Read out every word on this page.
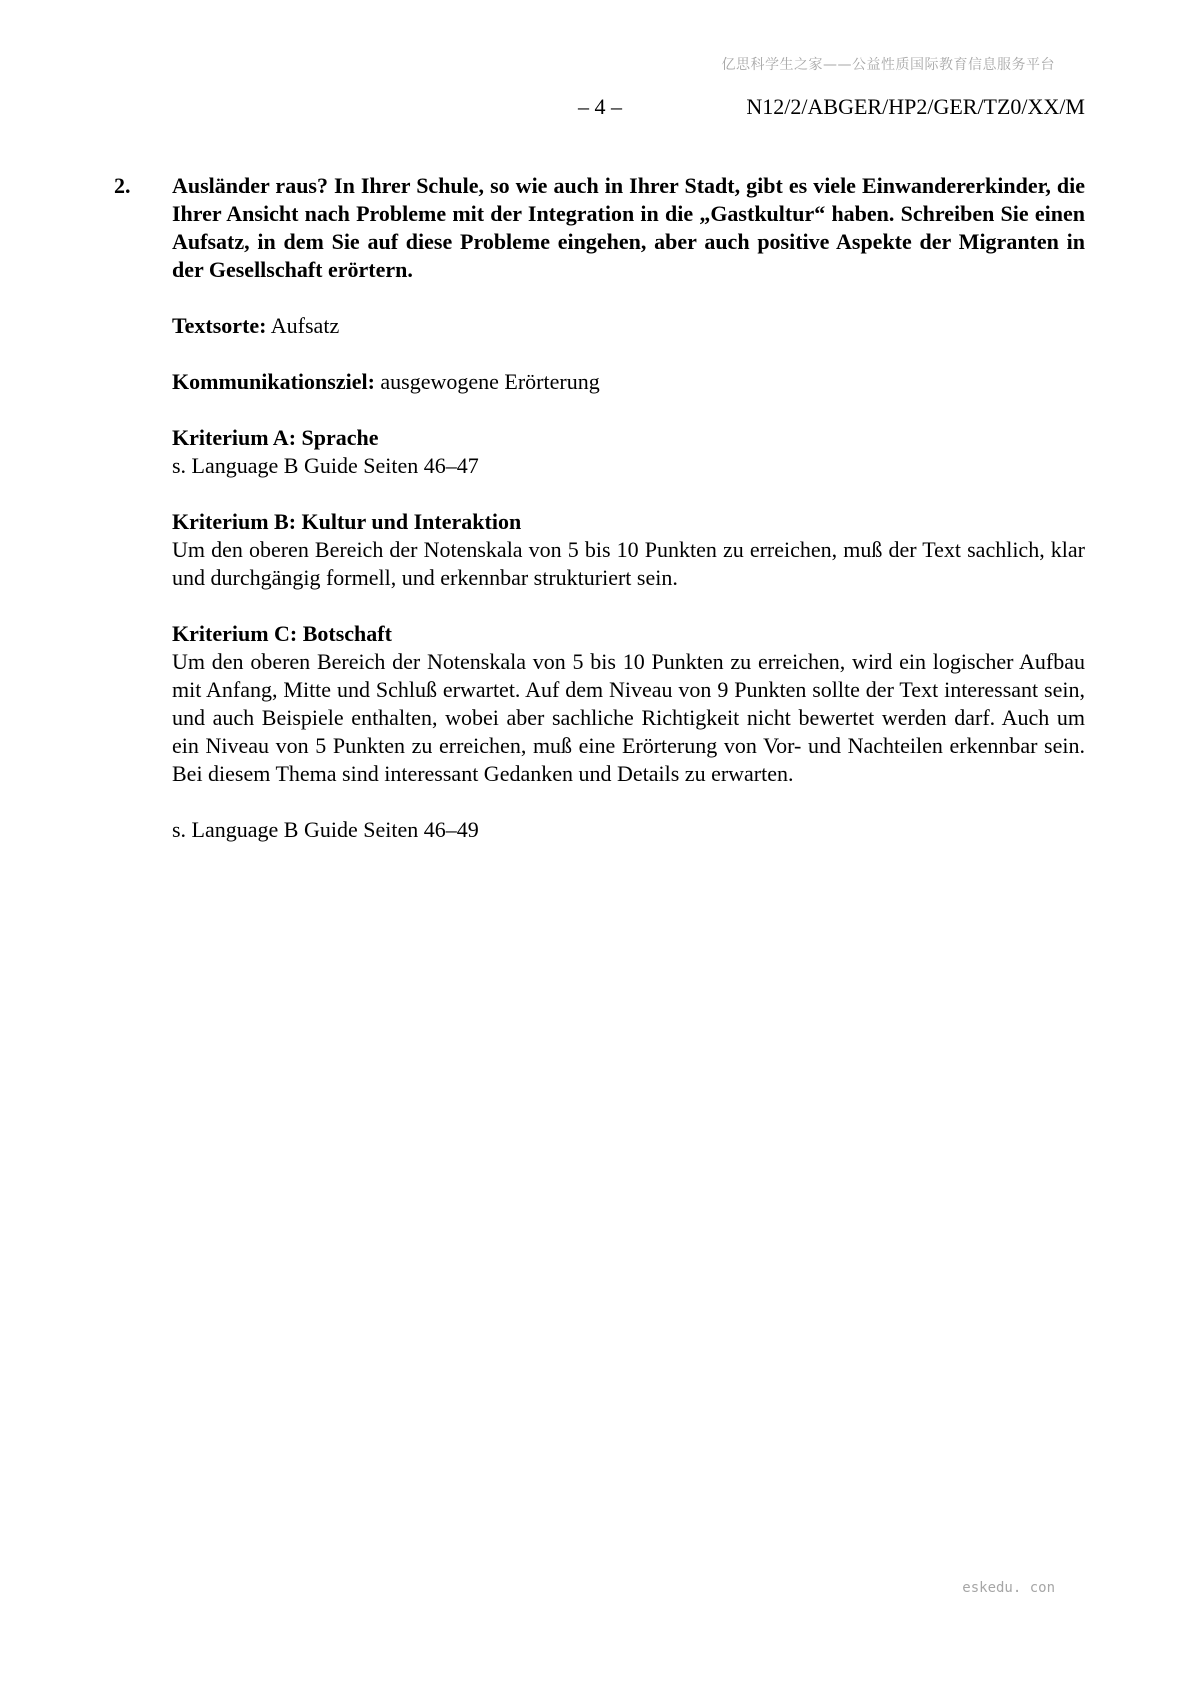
亿思科学生之家——公益性质国际教育信息服务平台
– 4 –	N12/2/ABGER/HP2/GER/TZ0/XX/M
2. Ausländer raus? In Ihrer Schule, so wie auch in Ihrer Stadt, gibt es viele Einwandererkinder, die Ihrer Ansicht nach Probleme mit der Integration in die „Gastkultur“ haben. Schreiben Sie einen Aufsatz, in dem Sie auf diese Probleme eingehen, aber auch positive Aspekte der Migranten in der Gesellschaft erörtern.

Textsorte: Aufsatz

Kommunikationsziel: ausgewogene Erörterung

Kriterium A: Sprache
s. Language B Guide Seiten 46–47
Kriterium B: Kultur und Interaktion
Um den oberen Bereich der Notenskala von 5 bis 10 Punkten zu erreichen, muß der Text sachlich, klar und durchgängig formell, und erkennbar strukturiert sein.
Kriterium C: Botschaft
Um den oberen Bereich der Notenskala von 5 bis 10 Punkten zu erreichen, wird ein logischer Aufbau mit Anfang, Mitte und Schluß erwartet. Auf dem Niveau von 9 Punkten sollte der Text interessant sein, und auch Beispiele enthalten, wobei aber sachliche Richtigkeit nicht bewertet werden darf. Auch um ein Niveau von 5 Punkten zu erreichen, muß eine Erörterung von Vor- und Nachteilen erkennbar sein. Bei diesem Thema sind interessant Gedanken und Details zu erwarten.

s. Language B Guide Seiten 46–49

eskedu. con
